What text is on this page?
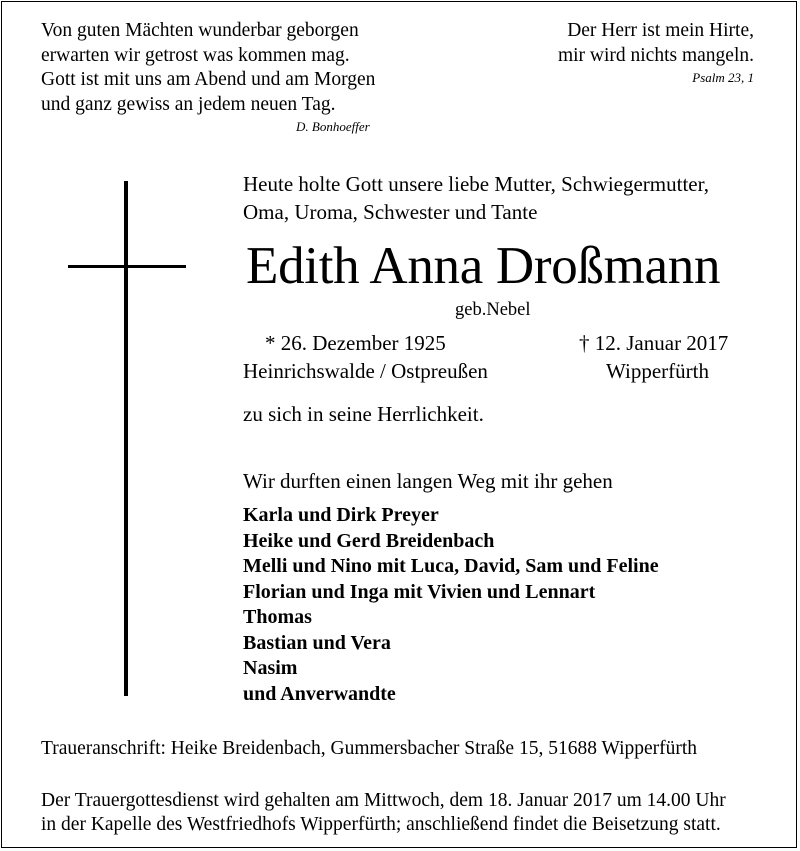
Von guten Mächten wunderbar geborgen
erwarten wir getrost was kommen mag.
Gott ist mit uns am Abend und am Morgen
und ganz gewiss an jedem neuen Tag.
D. Bonhoeffer
Der Herr ist mein Hirte,
mir wird nichts mangeln.
Psalm 23, 1
Heute holte Gott unsere liebe Mutter, Schwiegermutter,
Oma, Uroma, Schwester und Tante
Edith Anna Droßmann
geb.Nebel
* 26. Dezember 1925	† 12. Januar 2017
Heinrichswalde / Ostpreußen	Wipperfürth
zu sich in seine Herrlichkeit.
Wir durften einen langen Weg mit ihr gehen
Karla und Dirk Preyer
Heike und Gerd Breidenbach
Melli und Nino mit Luca, David, Sam und Feline
Florian und Inga mit Vivien und Lennart
Thomas
Bastian und Vera
Nasim
und Anverwandte
Traueranschrift: Heike Breidenbach, Gummersbacher Straße 15, 51688 Wipperfürth
Der Trauergottesdienst wird gehalten am Mittwoch, dem 18. Januar 2017 um 14.00 Uhr
in der Kapelle des Westfriedhofs Wipperfürth; anschließend findet die Beisetzung statt.
